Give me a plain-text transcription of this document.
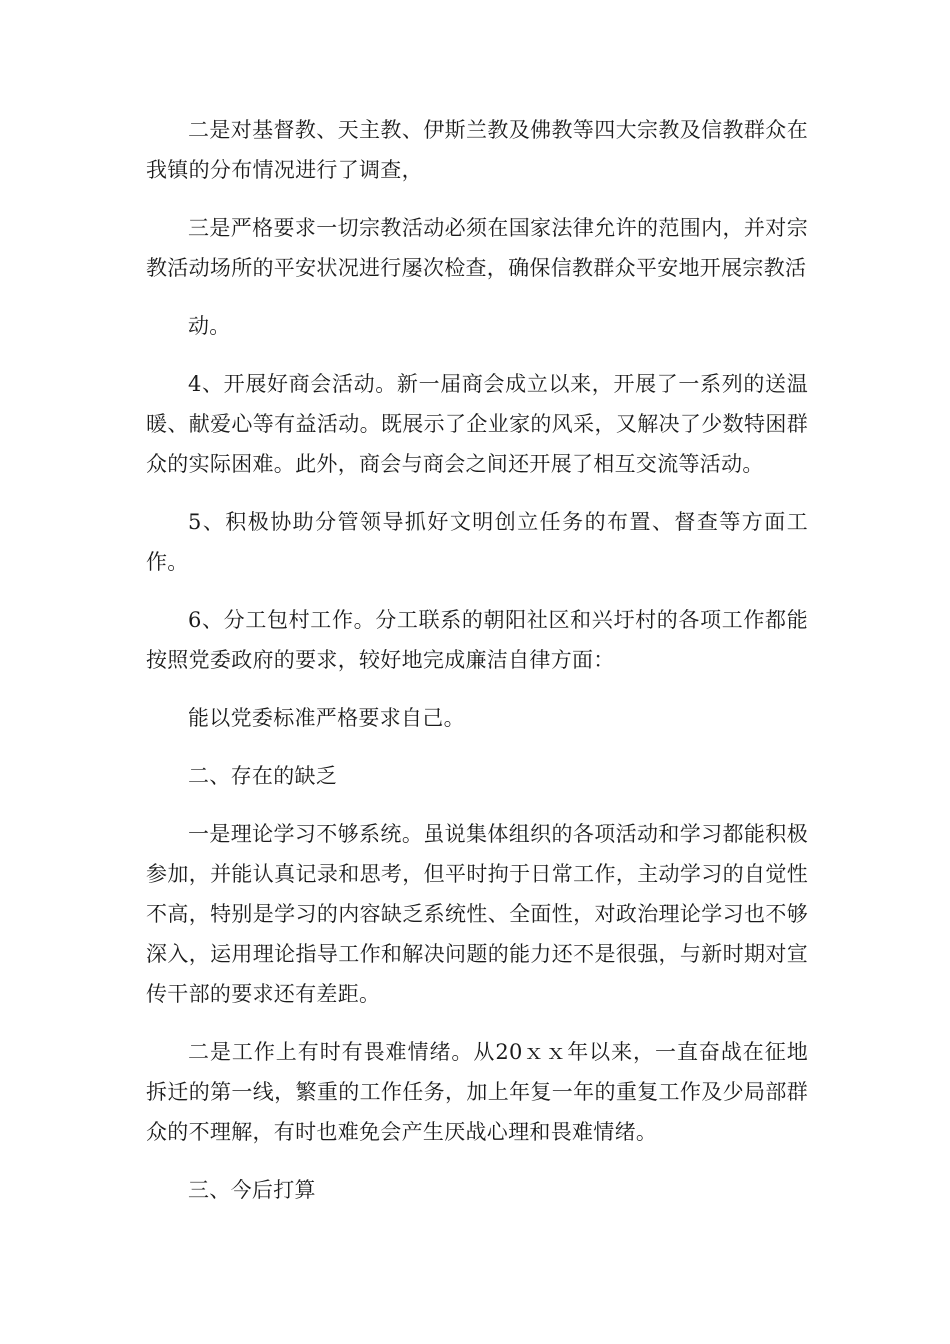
二是对基督教、天主教、伊斯兰教及佛教等四大宗教及信教群众在我镇的分布情况进行了调查，

三是严格要求一切宗教活动必须在国家法律允许的范围内，并对宗教活动场所的平安状况进行屡次检查，确保信教群众平安地开展宗教活

动。

4、开展好商会活动。新一届商会成立以来，开展了一系列的送温暖、献爱心等有益活动。既展示了企业家的风采，又解决了少数特困群众的实际困难。此外，商会与商会之间还开展了相互交流等活动。

5、积极协助分管领导抓好文明创立任务的布置、督查等方面工作。

6、分工包村工作。分工联系的朝阳社区和兴圩村的各项工作都能按照党委政府的要求，较好地完成廉洁自律方面：

能以党委标准严格要求自己。

二、存在的缺乏

一是理论学习不够系统。虽说集体组织的各项活动和学习都能积极参加，并能认真记录和思考，但平时拘于日常工作，主动学习的自觉性不高，特别是学习的内容缺乏系统性、全面性，对政治理论学习也不够深入，运用理论指导工作和解决问题的能力还不是很强，与新时期对宣传干部的要求还有差距。

二是工作上有时有畏难情绪。从20ｘｘ年以来，一直奋战在征地拆迁的第一线，繁重的工作任务，加上年复一年的重复工作及少局部群众的不理解，有时也难免会产生厌战心理和畏难情绪。

三、今后打算
